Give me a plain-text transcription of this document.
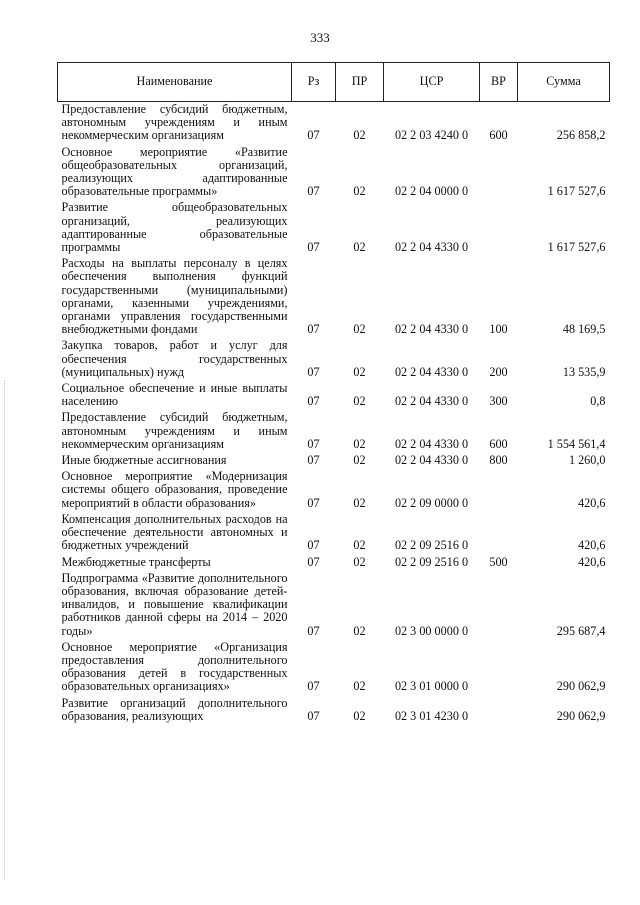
333
Наименование	Рз	ПР	ЦСР	ВР	Сумма
Предоставление субсидий бюджетным, автономным учреждениям и иным некоммерческим организациям	07	02	02 2 03 4240 0	600	256 858,2
Основное мероприятие «Развитие общеобразовательных организаций, реализующих адаптированные образовательные программы»	07	02	02 2 04 0000 0		1 617 527,6
Развитие общеобразовательных организаций, реализующих адаптированные образовательные программы	07	02	02 2 04 4330 0		1 617 527,6
Расходы на выплаты персоналу в целях обеспечения выполнения функций государственными (муниципальными) органами, казенными учреждениями, органами управления государственными внебюджетными фондами	07	02	02 2 04 4330 0	100	48 169,5
Закупка товаров, работ и услуг для обеспечения государственных (муниципальных) нужд	07	02	02 2 04 4330 0	200	13 535,9
Социальное обеспечение и иные выплаты населению	07	02	02 2 04 4330 0	300	0,8
Предоставление субсидий бюджетным, автономным учреждениям и иным некоммерческим организациям	07	02	02 2 04 4330 0	600	1 554 561,4
Иные бюджетные ассигнования	07	02	02 2 04 4330 0	800	1 260,0
Основное мероприятие «Модернизация системы общего образования, проведение мероприятий в области образования»	07	02	02 2 09 0000 0		420,6
Компенсация дополнительных расходов на обеспечение деятельности автономных и бюджетных учреждений	07	02	02 2 09 2516 0		420,6
Межбюджетные трансферты	07	02	02 2 09 2516 0	500	420,6
Подпрограмма «Развитие дополнительного образования, включая образование детей-инвалидов, и повышение квалификации работников данной сферы на 2014 – 2020 годы»	07	02	02 3 00 0000 0		295 687,4
Основное мероприятие «Организация предоставления дополнительного образования детей в государственных образовательных организациях»	07	02	02 3 01 0000 0		290 062,9
Развитие организаций дополнительного образования, реализующих	07	02	02 3 01 4230 0		290 062,9
